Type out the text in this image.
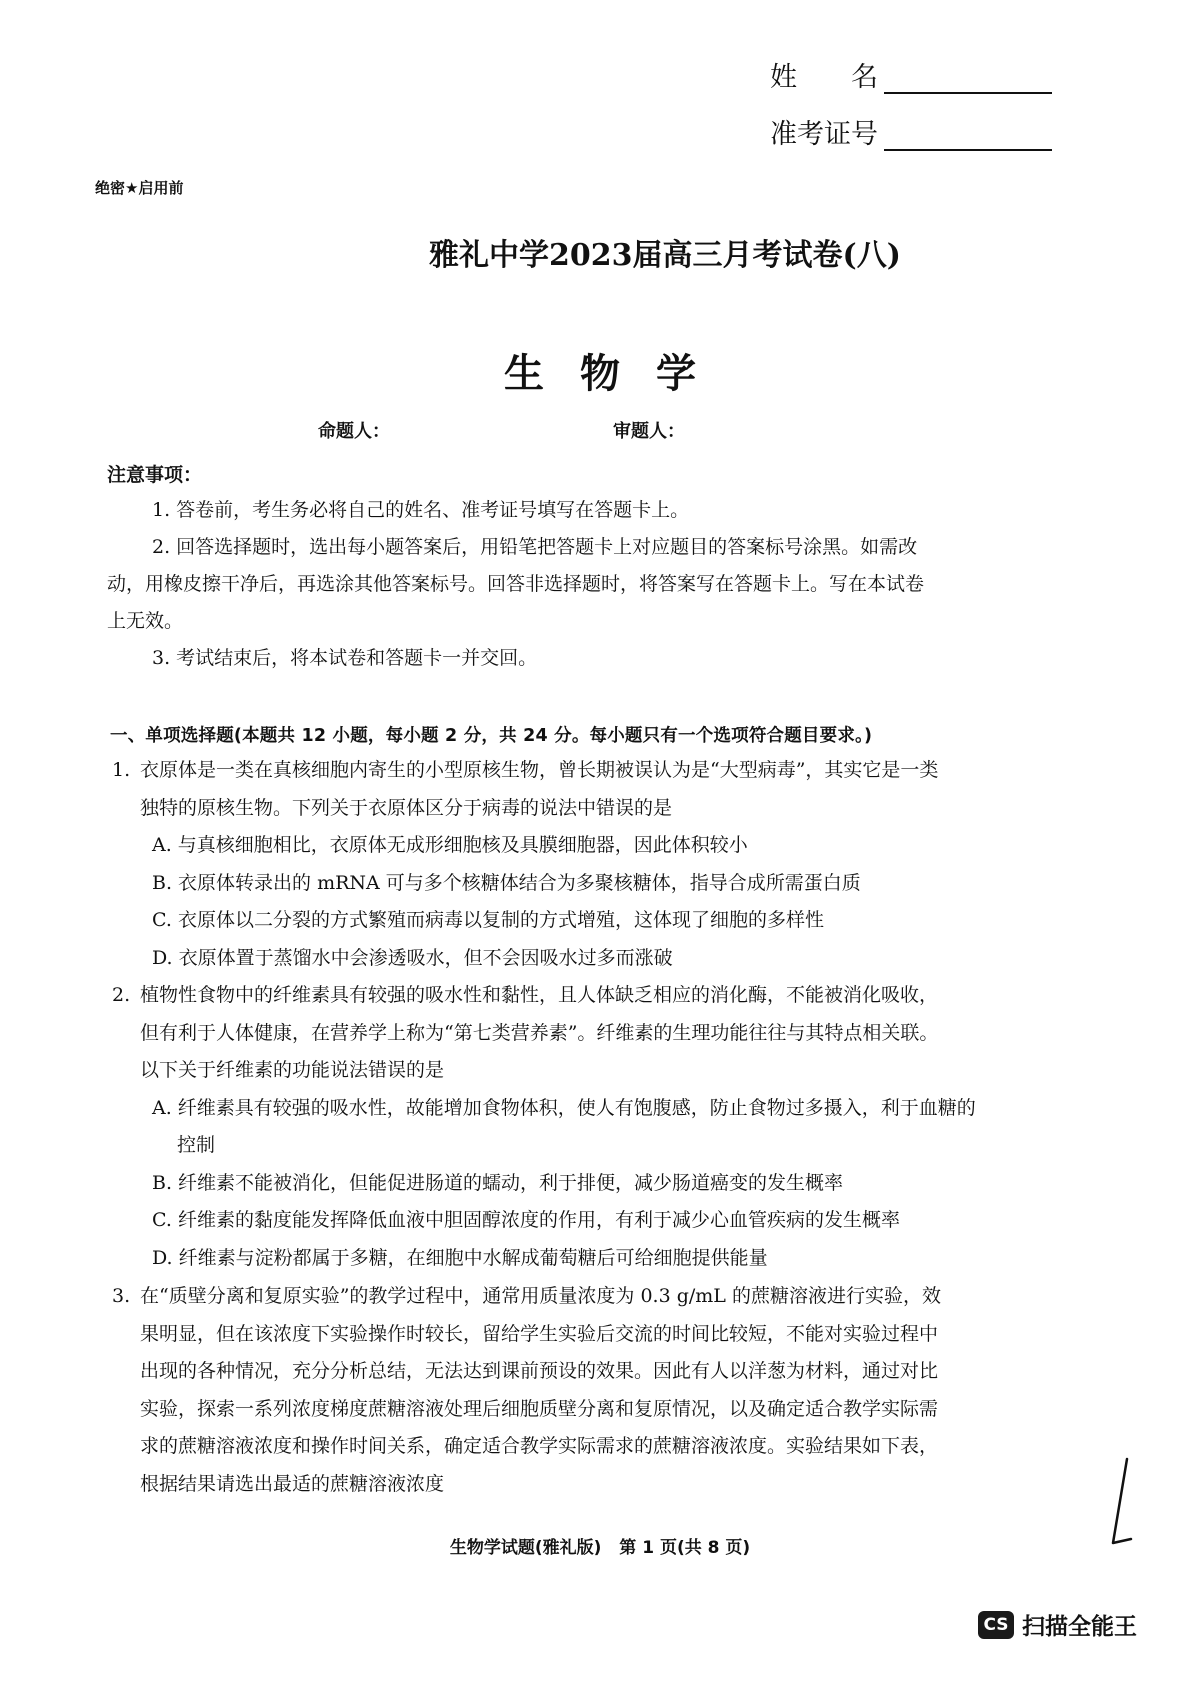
姓　　名
准考证号
绝密★启用前
雅礼中学2023届高三月考试卷(八)
生物学
命题人：	审题人：
注意事项：
1. 答卷前，考生务必将自己的姓名、准考证号填写在答题卡上。
2. 回答选择题时，选出每小题答案后，用铅笔把答题卡上对应题目的答案标号涂黑。如需改
动，用橡皮擦干净后，再选涂其他答案标号。回答非选择题时，将答案写在答题卡上。写在本试卷
上无效。
3. 考试结束后，将本试卷和答题卡一并交回。
一、单项选择题(本题共 12 小题，每小题 2 分，共 24 分。每小题只有一个选项符合题目要求。)
1. 衣原体是一类在真核细胞内寄生的小型原核生物，曾长期被误认为是“大型病毒”，其实它是一类
独特的原核生物。下列关于衣原体区分于病毒的说法中错误的是
A. 与真核细胞相比，衣原体无成形细胞核及具膜细胞器，因此体积较小
B. 衣原体转录出的 mRNA 可与多个核糖体结合为多聚核糖体，指导合成所需蛋白质
C. 衣原体以二分裂的方式繁殖而病毒以复制的方式增殖，这体现了细胞的多样性
D. 衣原体置于蒸馏水中会渗透吸水，但不会因吸水过多而涨破
2. 植物性食物中的纤维素具有较强的吸水性和黏性，且人体缺乏相应的消化酶，不能被消化吸收，
但有利于人体健康，在营养学上称为“第七类营养素”。纤维素的生理功能往往与其特点相关联。
以下关于纤维素的功能说法错误的是
A. 纤维素具有较强的吸水性，故能增加食物体积，使人有饱腹感，防止食物过多摄入，利于血糖的
控制
B. 纤维素不能被消化，但能促进肠道的蠕动，利于排便，减少肠道癌变的发生概率
C. 纤维素的黏度能发挥降低血液中胆固醇浓度的作用，有利于减少心血管疾病的发生概率
D. 纤维素与淀粉都属于多糖，在细胞中水解成葡萄糖后可给细胞提供能量
3. 在“质壁分离和复原实验”的教学过程中，通常用质量浓度为 0.3 g/mL 的蔗糖溶液进行实验，效
果明显，但在该浓度下实验操作时较长，留给学生实验后交流的时间比较短，不能对实验过程中
出现的各种情况，充分分析总结，无法达到课前预设的效果。因此有人以洋葱为材料，通过对比
实验，探索一系列浓度梯度蔗糖溶液处理后细胞质壁分离和复原情况，以及确定适合教学实际需
求的蔗糖溶液浓度和操作时间关系，确定适合教学实际需求的蔗糖溶液浓度。实验结果如下表，
根据结果请选出最适的蔗糖溶液浓度
生物学试题(雅礼版) 第 1 页(共 8 页)
CS 扫描全能王
